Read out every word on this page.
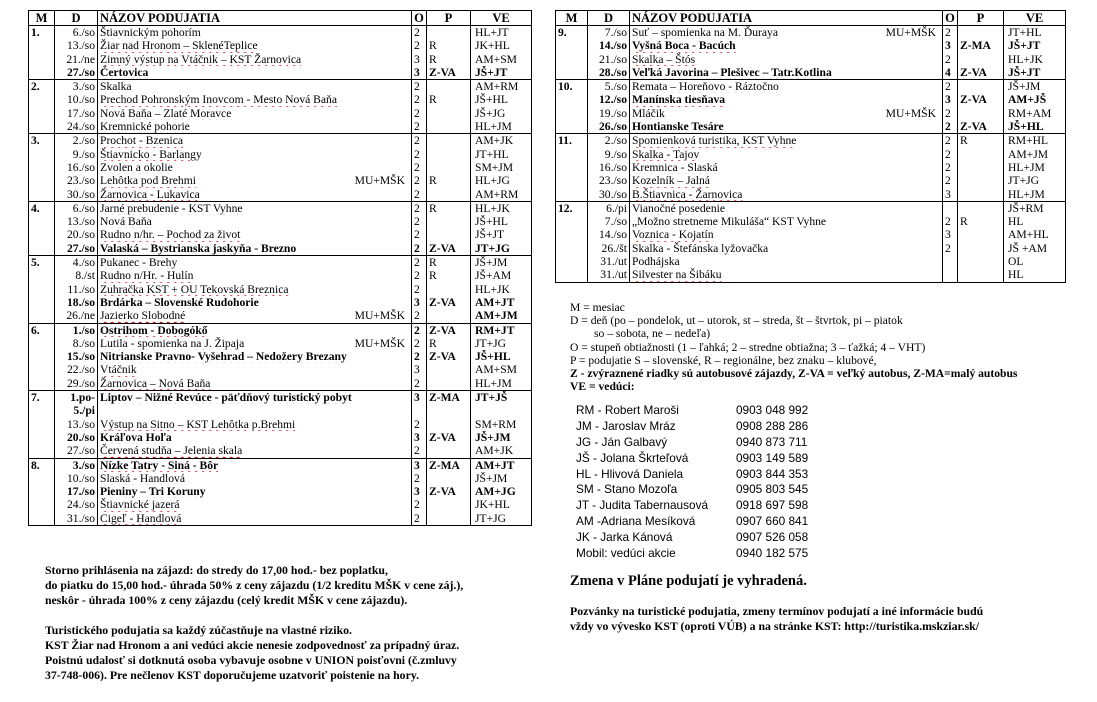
M	D	NÁZOV PODUJATIA	O	P	VE
1.	6./so	Štiavnickým pohorím	2		HL+JT
	13./so	Žiar nad Hronom – SklenéTeplice	2	R	JK+HL
	21./ne	Zimný výstup na Vtáčnik – KST Žarnovica	3	R	AM+SM
	27./so	Čertovica	3	Z-VA	JŠ+JT
2.	3./so	Skalka	2		AM+RM
	10./so	Prechod Pohronským Inovcom - Mesto Nová Baňa	2	R	JŠ+HL
	17./so	Nová Baňa – Zlaté Moravce	2		JŠ+JG
	24./so	Kremnické pohorie	2		HL+JM
3.	2./so	Prochot - Bzenica	2		AM+JK
	9./so	Štiavnicko - Barlangy	2		JT+HL
	16./so	Zvolen a okolie	2		SM+JM
	23./so	Lehôtka pod Brehmi MU+MŠK	2	R	HL+JG
	30./so	Žarnovica - Lukavica	2		AM+RM
4.	6./so	Jarné prebudenie - KST Vyhne	2	R	HL+JK
	13./so	Nová Baňa	2		JŠ+HL
	20./so	Rudno n/hr. – Pochod za život	2		JŠ+JT
	27./so	Valaská – Bystrianska jaskyňa - Brezno	2	Z-VA	JT+JG
5.	4./so	Pukanec - Brehy	2	R	JŠ+JM
	8./st	Rudno n/Hr. - Hulín	2	R	JŠ+AM
	11./so	Zuhračka KST + OU Tekovská Breznica	2		HL+JK
	18./so	Brdárka – Slovenské Rudohorie	3	Z-VA	AM+JT
	26./ne	Jazierko Slobodné MU+MŠK	2		AM+JM
6.	1./so	Ostrihom - Dobogókő	2	Z-VA	RM+JT
	8./so	Lutila - spomienka na J. Žipaja MU+MŠK	2	R	JT+JG
	15./so	Nitrianske Pravno- Vyšehrad – Nedožery Brezany	2	Z-VA	JŠ+HL
	22./so	Vtáčnik	3		AM+SM
	29./so	Žarnovica – Nová Baňa	2		HL+JM
7.	1.po-	Liptov – Nižné Revúce - päťdňový turistický pobyt	3	Z-MA	JT+JŠ
	5./pi				
	13./so	Výstup na Sitno – KST Lehôtka p.Brehmi	2		SM+RM
	20./so	Kráľova Hoľa	3	Z-VA	JŠ+JM
	27./so	Červená studňa – Jelenia skala	2		AM+JK
8.	3./so	Nízke Tatry - Siná - Bôr	3	Z-MA	AM+JT
	10./so	Slaská - Handlová	2		JŠ+JM
	17./so	Pieniny – Tri Koruny	3	Z-VA	AM+JG
	24./so	Štiavnické jazerá	2		JK+HL
	31./so	Cigeľ - Handlová	2		JT+JG
M	D	NÁZOV PODUJATIA	O	P	VE
9.	7./so	Suť – spomienka na M. Ďuraya MU+MŠK	2		JT+HL
	14./so	Vyšná Boca - Bacúch	3	Z-MA	JŠ+JT
	21./so	Skalka – Štós	2		HL+JK
	28./so	Veľká Javorina – Plešivec – Tatr.Kotlina	4	Z-VA	JŠ+JT
10.	5./so	Remata – Horeňovo - Ráztočno	2		JŠ+JM
	12./so	Manínska tiesňava	3	Z-VA	AM+JŠ
	19./so	Mláčik MU+MŠK	2		RM+AM
	26./so	Hontianske Tesáre	2	Z-VA	JŠ+HL
11.	2./so	Spomienková turistika, KST Vyhne	2	R	RM+HL
	9./so	Skalka - Tajov	2		AM+JM
	16./so	Kremnica - Slaská	2		HL+JM
	23./so	Kozelník – Jalná	2		JT+JG
	30./so	B.Štiavnica - Žarnovica	3		HL+JM
12.	6./pi	Vianočné posedenie			JŠ+RM
	7./so	„Možno stretneme Mikuláša“ KST Vyhne	2	R	HL
	14./so	Voznica - Kojatín	3		AM+HL
	26./št	Skalka - Štefánska lyžovačka	2		JŠ +AM
	31./ut	Podhájska			OL
	31./ut	Silvester na Šibáku			HL
M = mesiac
D = deň (po – pondelok, ut – utorok, st – streda, št – štvrtok, pi – piatok
so – sobota, ne – nedeľa)
O = stupeň obtiažnosti (1 – ľahká; 2 – stredne obtiažna; 3 – ťažká; 4 – VHT)
P = podujatie S – slovenské, R – regionálne, bez znaku – klubové,
Z - zvýraznené riadky sú autobusové zájazdy, Z-VA = veľký autobus, Z-MA=malý autobus
VE = vedúci:
RM - Robert Maroši	0903 048 992
JM - Jaroslav Mráz	0908 288 286
JG - Ján Galbavý	0940 873 711
JŠ - Jolana Škrteľová	0903 149 589
HL - Hlivová Daniela	0903 844 353
SM - Stano Mozoľa	0905 803 545
JT - Judita Tabernausová 0918 697 598
AM -Adriana Mesíková	0907 660 841
JK - Jarka Kánová	0907 526 058
Mobil: vedúci akcie	0940 182 575

Storno prihlásenia na zájazd: do stredy do 17,00 hod.- bez poplatku,

do piatku do 15,00 hod.- úhrada 50% z ceny zájazdu (1/2 kreditu MŠK v cene záj.),

neskôr - úhrada 100% z ceny zájazdu (celý kredit MŠK v cene zájazdu).

Turistického podujatia sa každý zúčastňuje na vlastné riziko.

KST Žiar nad Hronom a ani vedúci akcie nenesie zodpovednosť za prípadný úraz.

Poistnú udalosť si dotknutá osoba vybavuje osobne v UNION poisťovni (č.zmluvy

37-748-006). Pre nečlenov KST doporučujeme uzatvoriť poistenie na hory.

Zmena v Pláne podujatí je vyhradená.
Pozvánky na turistické podujatia, zmeny termínov podujatí a iné informácie budú
vždy vo vývesko KST (oproti VÚB) a na stránke KST: http://turistika.mskziar.sk/
